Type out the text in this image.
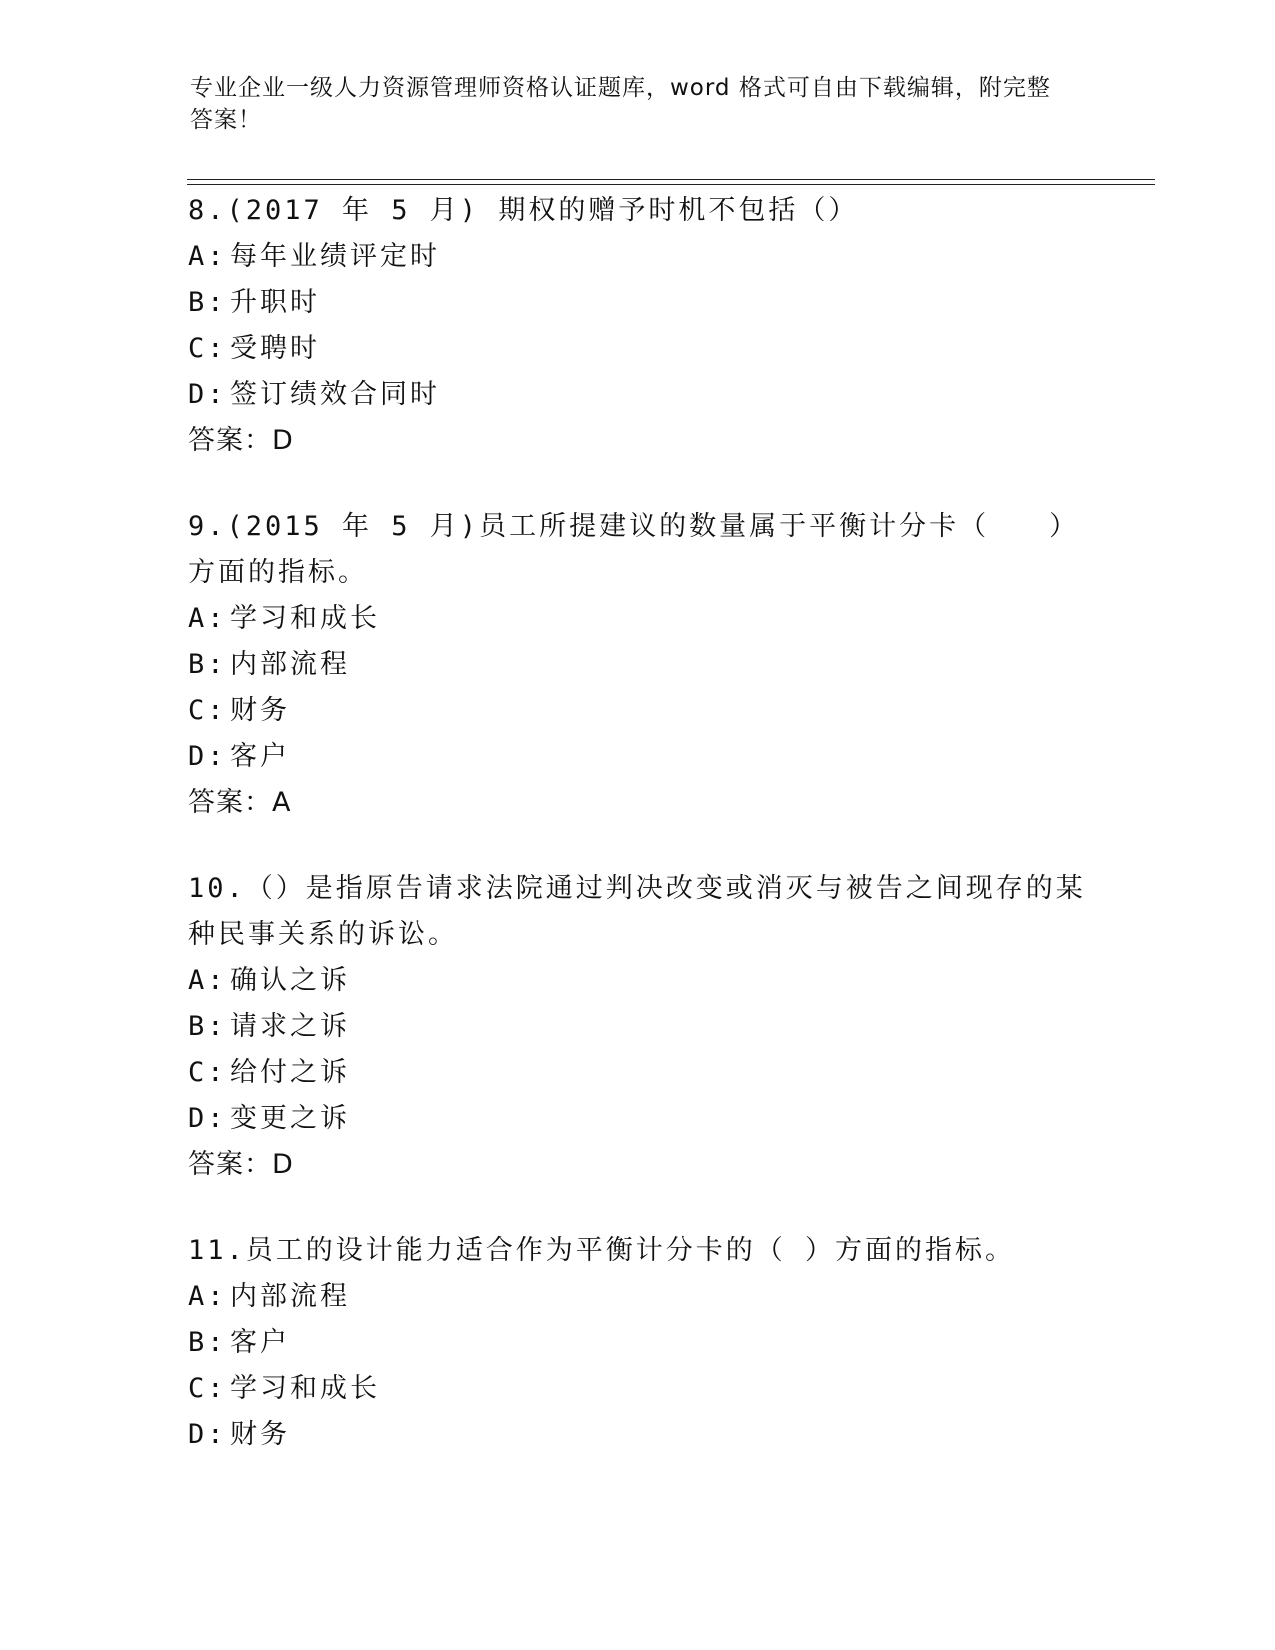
专业企业一级人力资源管理师资格认证题库，word 格式可自由下载编辑，附完整答案！

8.(2017 年 5 月) 期权的赠予时机不包括（）

A: 每年业绩评定时

B: 升职时

C: 受聘时

D: 签订绩效合同时

答案：D

9.(2015 年 5 月)员工所提建议的数量属于平衡计分卡（　　）方面的指标。

A: 学习和成长

B: 内部流程

C: 财务

D: 客户

答案：A

10.（）是指原告请求法院通过判决改变或消灭与被告之间现存的某种民事关系的诉讼。

A: 确认之诉

B: 请求之诉

C: 给付之诉

D: 变更之诉

答案：D

11.员工的设计能力适合作为平衡计分卡的（ ）方面的指标。

A: 内部流程

B: 客户

C: 学习和成长

D: 财务
